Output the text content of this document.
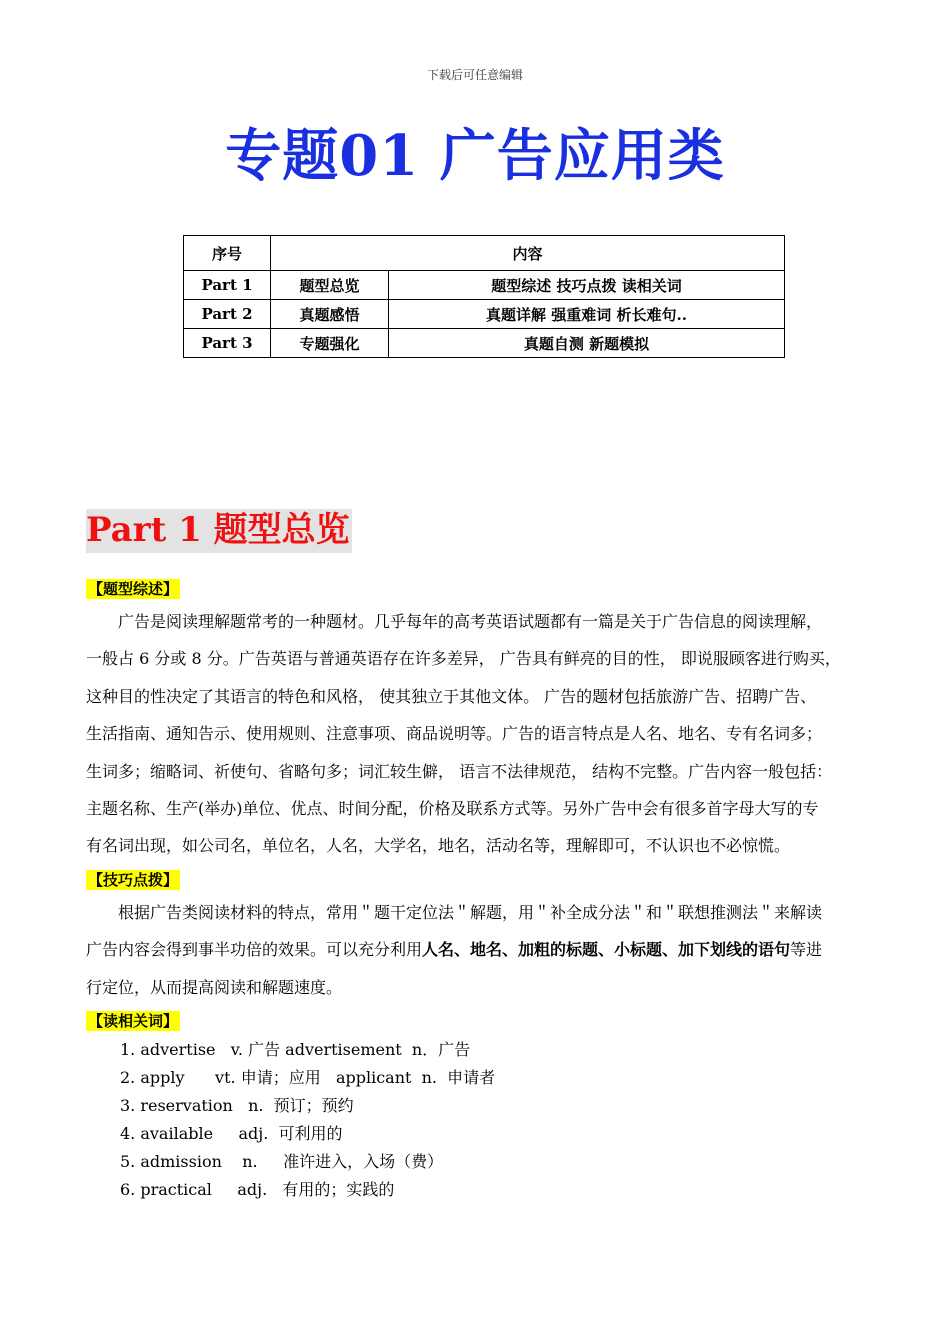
下载后可任意编辑
专题01 广告应用类
序号	内容	
Part 1	题型总览	题型综述 技巧点拨 读相关词
Part 2	真题感悟	真题详解 强重难词 析长难句..
Part 3	专题强化	真题自测 新题模拟
Part 1 题型总览
【题型综述】
广告是阅读理解题常考的一种题材。几乎每年的高考英语试题都有一篇是关于广告信息的阅读理解，
一般占 6 分或 8 分。广告英语与普通英语存在许多差异， 广告具有鲜亮的目的性， 即说服顾客进行购买，
这种目的性决定了其语言的特色和风格， 使其独立于其他文体。 广告的题材包括旅游广告、招聘广告、
生活指南、通知告示、使用规则、注意事项、商品说明等。广告的语言特点是人名、地名、专有名词多；
生词多；缩略词、祈使句、省略句多；词汇较生僻， 语言不法律规范， 结构不完整。广告内容一般包括：
主题名称、生产(举办)单位、优点、时间分配，价格及联系方式等。另外广告中会有很多首字母大写的专
有名词出现，如公司名，单位名，人名，大学名，地名，活动名等，理解即可，不认识也不必惊慌。
【技巧点拨】
根据广告类阅读材料的特点，常用＂题干定位法＂解题，用＂补全成分法＂和＂联想推测法＂来解读
广告内容会得到事半功倍的效果。可以充分利用人名、地名、加粗的标题、小标题、加下划线的语句等进
行定位，从而提高阅读和解题速度。
【读相关词】
1. advertise   v. 广告 advertisement  n．广告
2. apply      vt. 申请；应用   applicant  n.  申请者
3. reservation   n.  预订；预约
4. available     adj.  可利用的
5. admission    n.     准许进入，入场（费）
6. practical     adj.   有用的；实践的
